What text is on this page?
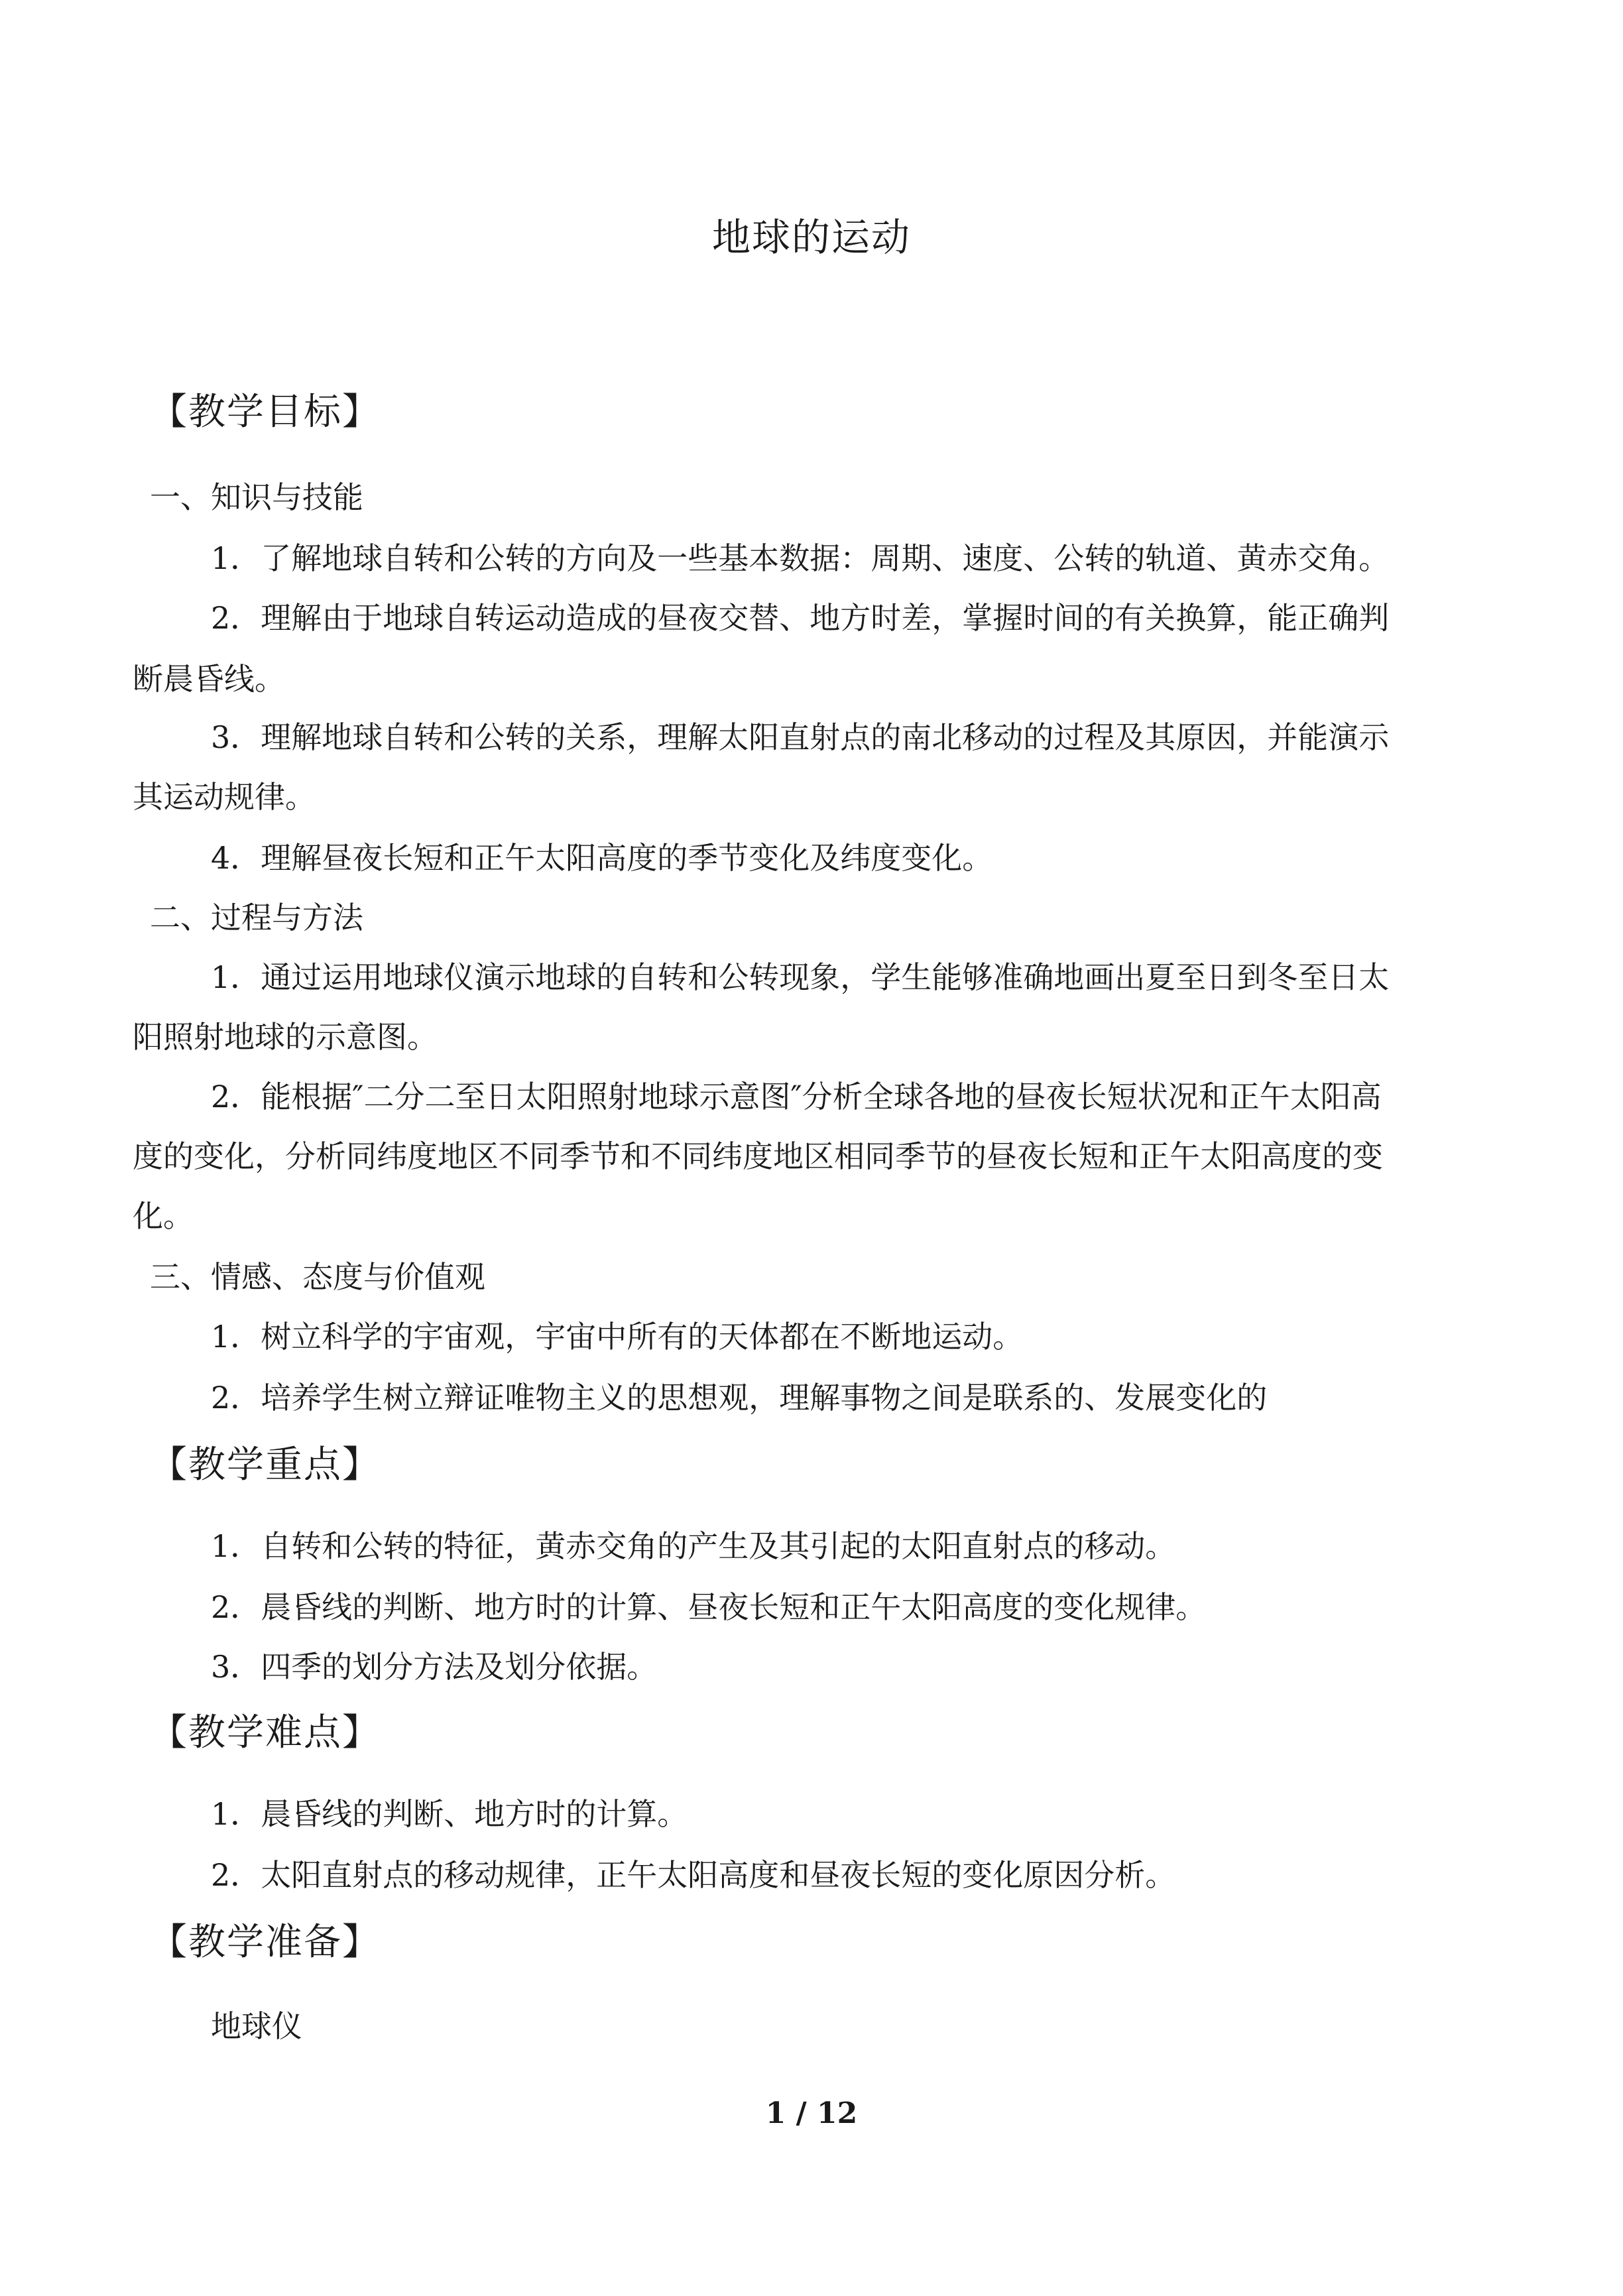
地球的运动
【教学目标】
一、知识与技能
1．了解地球自转和公转的方向及一些基本数据：周期、速度、公转的轨道、黄赤交角。
2．理解由于地球自转运动造成的昼夜交替、地方时差，掌握时间的有关换算，能正确判
断晨昏线。
3．理解地球自转和公转的关系，理解太阳直射点的南北移动的过程及其原因，并能演示
其运动规律。
4．理解昼夜长短和正午太阳高度的季节变化及纬度变化。
二、过程与方法
1．通过运用地球仪演示地球的自转和公转现象，学生能够准确地画出夏至日到冬至日太
阳照射地球的示意图。
2．能根据″二分二至日太阳照射地球示意图″分析全球各地的昼夜长短状况和正午太阳高
度的变化，分析同纬度地区不同季节和不同纬度地区相同季节的昼夜长短和正午太阳高度的变
化。
三、情感、态度与价值观
1．树立科学的宇宙观，宇宙中所有的天体都在不断地运动。
2．培养学生树立辩证唯物主义的思想观，理解事物之间是联系的、发展变化的
【教学重点】
1．自转和公转的特征，黄赤交角的产生及其引起的太阳直射点的移动。
2．晨昏线的判断、地方时的计算、昼夜长短和正午太阳高度的变化规律。
3．四季的划分方法及划分依据。
【教学难点】
1．晨昏线的判断、地方时的计算。
2．太阳直射点的移动规律，正午太阳高度和昼夜长短的变化原因分析。
【教学准备】
地球仪
1 / 12
